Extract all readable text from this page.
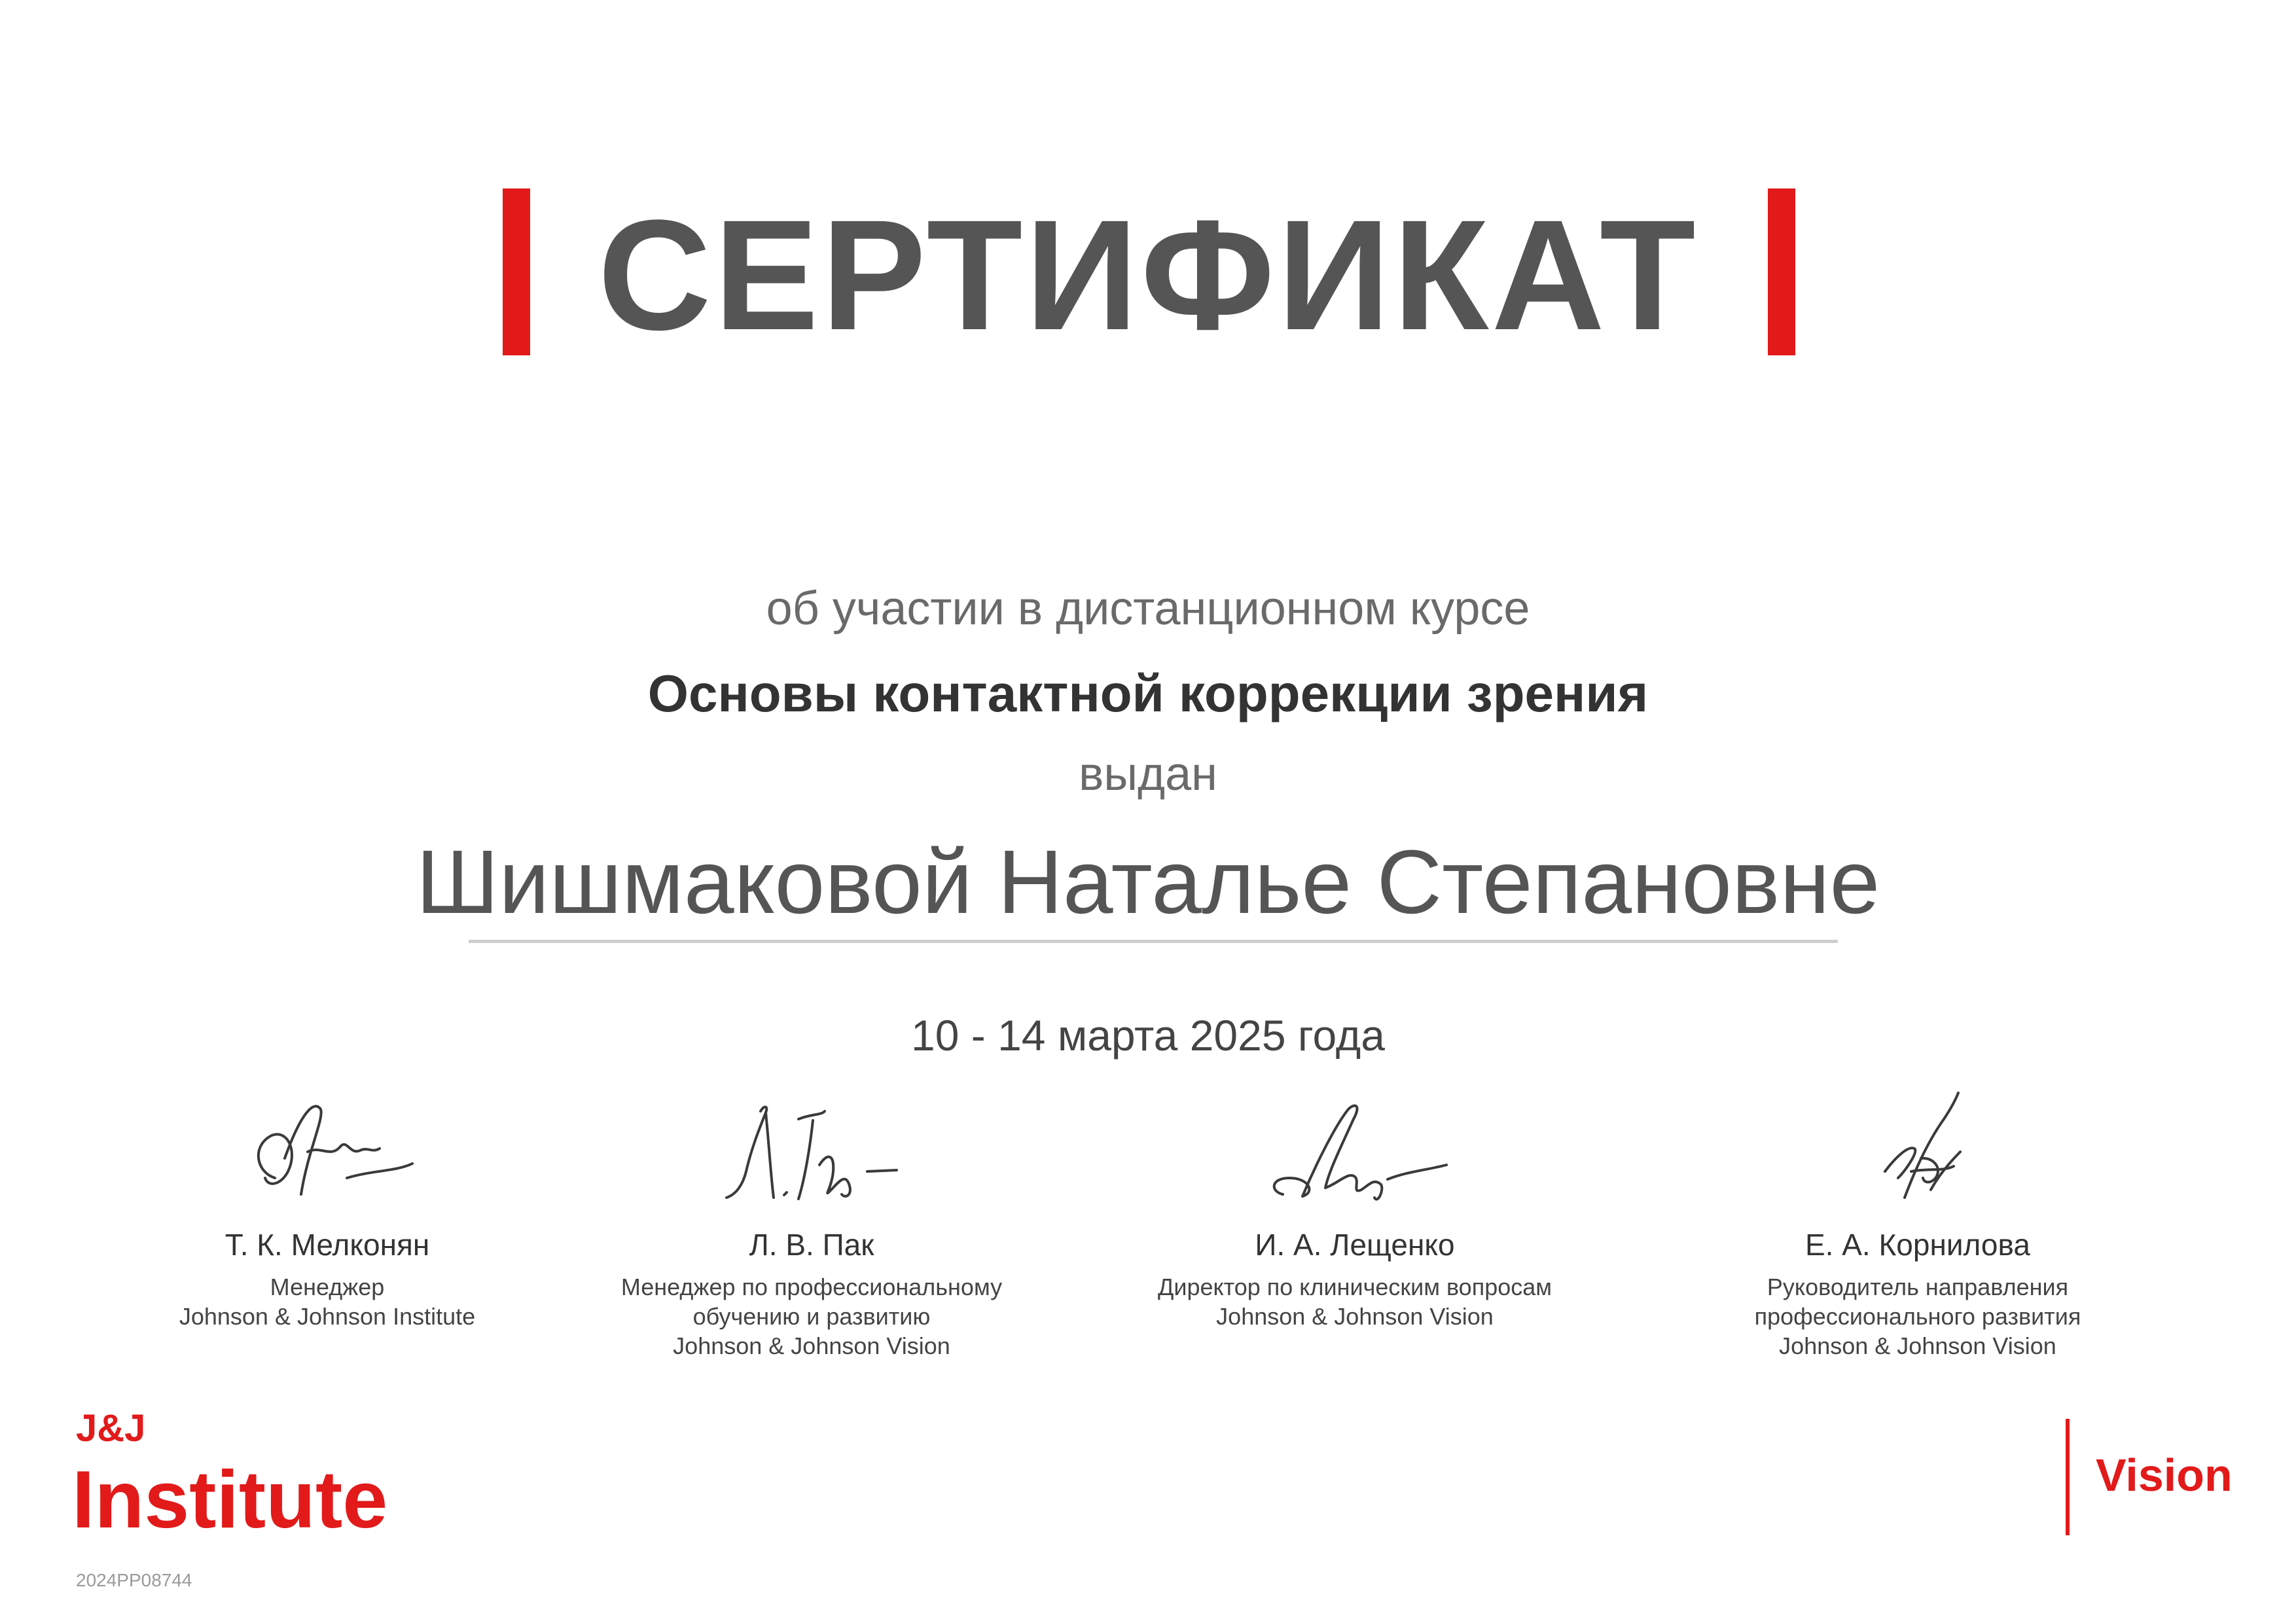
СЕРТИФИКАТ
об участии в дистанционном курсе
Основы контактной коррекции зрения
выдан
Шишмаковой Наталье Степановне
10 - 14 марта 2025 года
Т. К. Мелконян
Менеджер
Johnson & Johnson Institute
Л. В. Пак
Менеджер по профессиональному
обучению и развитию
Johnson & Johnson Vision
И. А. Лещенко
Директор по клиническим вопросам
Johnson & Johnson Vision
Е. А. Корнилова
Руководитель направления
профессионального развития
Johnson & Johnson Vision
J&J
Institute
2024PP08744
Vision
